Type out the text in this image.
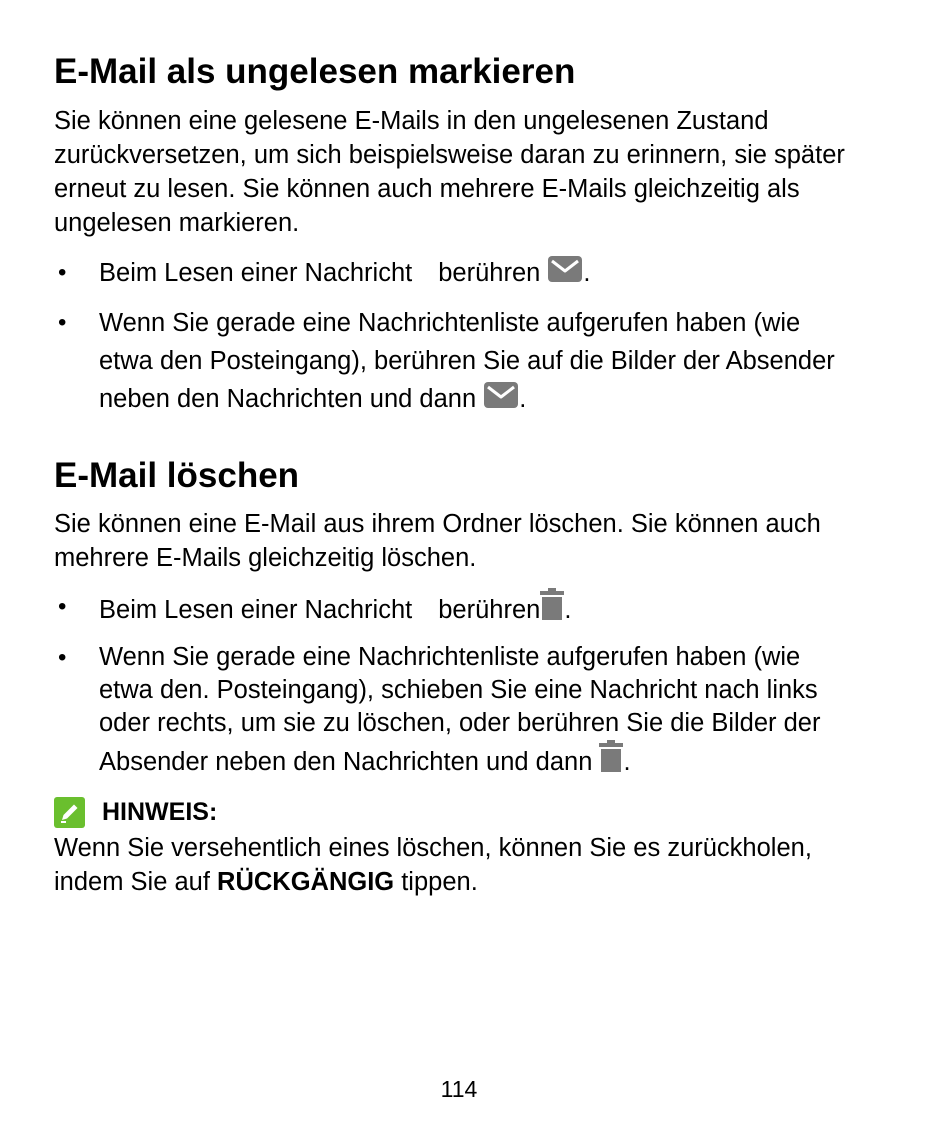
E-Mail als ungelesen markieren

Sie können eine gelesene E-Mails in den ungelesenen Zustand zurückversetzen, um sich beispielsweise daran zu erinnern, sie später erneut zu lesen. Sie können auch mehrere E-Mails gleichzeitig als ungelesen markieren.

• Beim Lesen einer Nachricht berühren .
• Wenn Sie gerade eine Nachrichtenliste aufgerufen haben (wie etwa den Posteingang), berühren Sie auf die Bilder der Absender neben den Nachrichten und dann .
E-Mail löschen

Sie können eine E-Mail aus ihrem Ordner löschen. Sie können auch mehrere E-Mails gleichzeitig löschen.

• Beim Lesen einer Nachricht berühren .
• Wenn Sie gerade eine Nachrichtenliste aufgerufen haben (wie etwa den. Posteingang), schieben Sie eine Nachricht nach links oder rechts, um sie zu löschen, oder berühren Sie die Bilder der Absender neben den Nachrichten und dann .
HINWEIS:

Wenn Sie versehentlich eines löschen, können Sie es zurückholen, indem Sie auf RÜCKGÄNGIG tippen.

114
